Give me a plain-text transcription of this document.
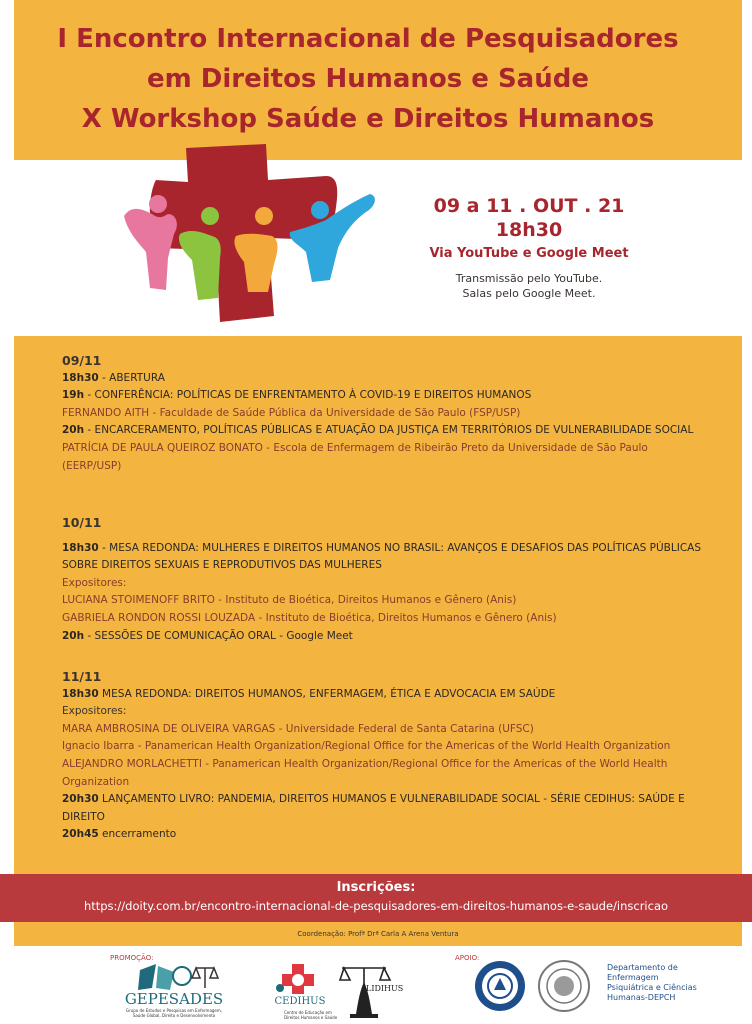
I Encontro Internacional de Pesquisadores
em Direitos Humanos e Saúde
X Workshop Saúde e Direitos Humanos
09 a 11 . OUT . 21
18h30
Via YouTube e Google Meet
Transmissão pelo YouTube.
Salas pelo Google Meet.
09/11
18h30 - ABERTURA
19h - CONFERÊNCIA: POLÍTICAS DE ENFRENTAMENTO À COVID-19 E DIREITOS HUMANOS
FERNANDO AITH - Faculdade de Saúde Pública da Universidade de São Paulo (FSP/USP)
20h - ENCARCERAMENTO, POLÍTICAS PÚBLICAS E ATUAÇÃO DA JUSTIÇA EM TERRITÓRIOS DE VULNERABILIDADE SOCIAL
PATRÍCIA DE PAULA QUEIROZ BONATO - Escola de Enfermagem de Ribeirão Preto da Universidade de São Paulo (EERP/USP)
10/11
18h30 - MESA REDONDA: MULHERES E DIREITOS HUMANOS NO BRASIL: AVANÇOS E DESAFIOS DAS POLÍTICAS PÚBLICAS SOBRE DIREITOS SEXUAIS E REPRODUTIVOS DAS MULHERES
Expositores:
LUCIANA STOIMENOFF BRITO - Instituto de Bioética, Direitos Humanos e Gênero (Anis)
GABRIELA RONDON ROSSI LOUZADA - Instituto de Bioética, Direitos Humanos e Gênero (Anis)
20h - SESSÕES DE COMUNICAÇÃO ORAL - Google Meet
11/11
18h30 MESA REDONDA: DIREITOS HUMANOS, ENFERMAGEM, ÉTICA E ADVOCACIA EM SAÚDE
Expositores:
MARA AMBROSINA DE OLIVEIRA VARGAS - Universidade Federal de Santa Catarina (UFSC)
Ignacio Ibarra - Panamerican Health Organization/Regional Office for the Americas of the World Health Organization
ALEJANDRO MORLACHETTI - Panamerican Health Organization/Regional Office for the Americas of the World Health Organization
20h30 LANÇAMENTO LIVRO: PANDEMIA, DIREITOS HUMANOS E VULNERABILIDADE SOCIAL - SÉRIE CEDIHUS: SAÚDE E DIREITO
20h45 encerramento
Inscrições:
https://doity.com.br/encontro-internacional-de-pesquisadores-em-direitos-humanos-e-saude/inscricao
Coordenação: Profª Drª Carla A Arena Ventura
PROMOÇÃO:	APOIO:
GEPESADES
Grupo de Estudos e Pesquisas em Enfermagem, Saúde Global, Direito e Desenvolvimento
CEDIHUS
Centro de Educação em Direitos Humanos e Saúde
LIDIHUS
Departamento de Enfermagem Psiquiátrica e Ciências Humanas-DEPCH
